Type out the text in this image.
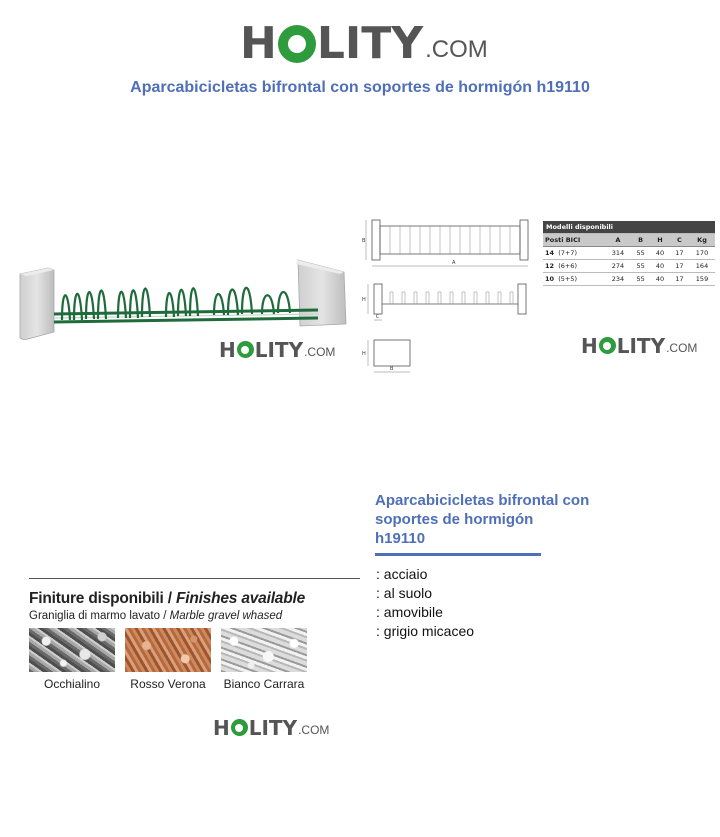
H LITY .COM
Aparcabicicletas bifrontal con soportes de hormigón h19110
H LITY .COM
B
A
H
C
H
B
Modelli disponibili					
Posti BICI	A	B	H	C	Kg
14 (7+7)	314	55	40	17	170
12 (6+6)	274	55	40	17	164
10 (5+5)	234	55	40	17	159
H LITY .COM
Aparcabicicletas bifrontal con
soportes de hormigón
h19110
: acciaio
: al suolo
: amovibile
: grigio micaceo
Finiture disponibili / Finishes available
Graniglia di marmo lavato / Marble gravel whased
Occhialino	Rosso Verona	Bianco Carrara
H LITY .COM
